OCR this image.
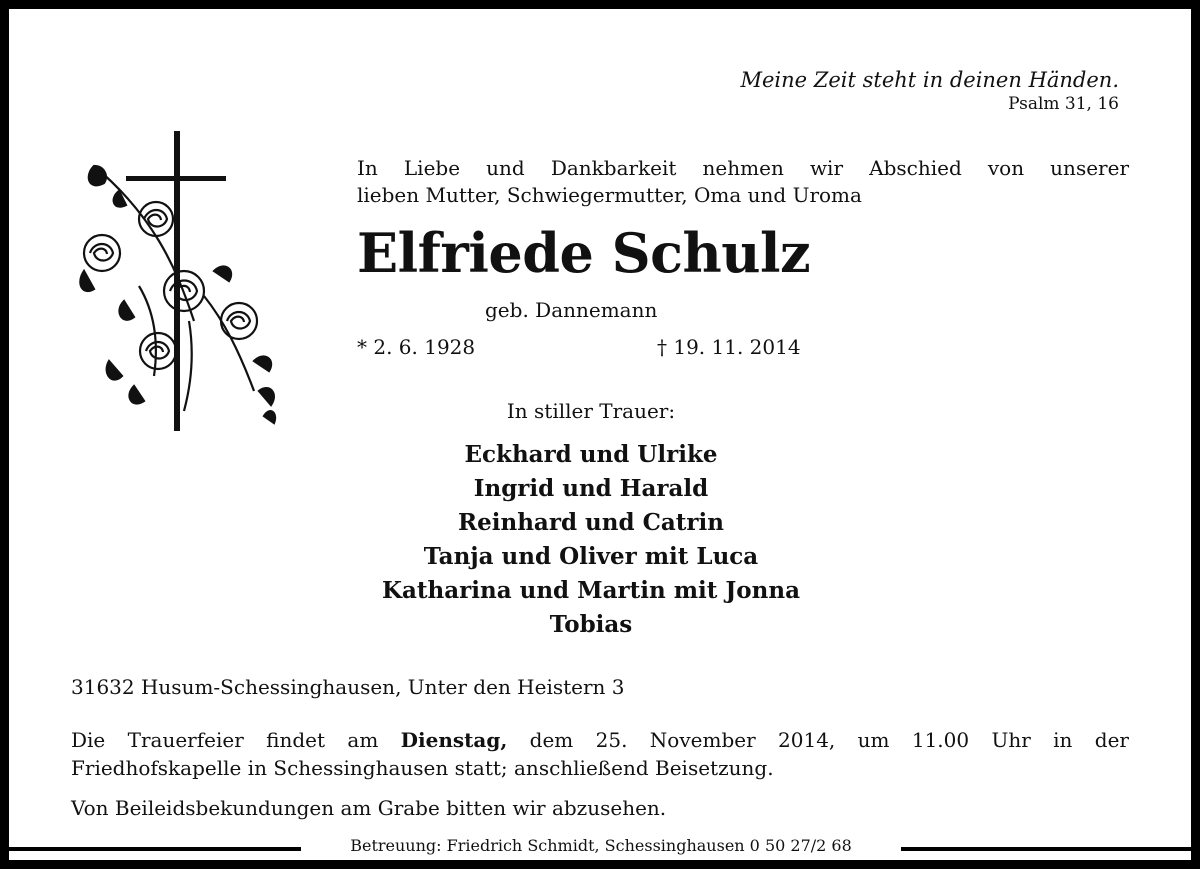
Meine Zeit steht in deinen Händen.
Psalm 31, 16
In Liebe und Dankbarkeit nehmen wir Abschied von unserer
lieben Mutter, Schwiegermutter, Oma und Uroma
Elfriede Schulz
geb. Dannemann
* 2. 6. 1928	† 19. 11. 2014
In stiller Trauer:
Eckhard und Ulrike
Ingrid und Harald
Reinhard und Catrin
Tanja und Oliver mit Luca
Katharina und Martin mit Jonna
Tobias
31632 Husum-Schessinghausen, Unter den Heistern 3
Die Trauerfeier findet am Dienstag, dem 25. November 2014, um 11.00 Uhr in der
Friedhofskapelle in Schessinghausen statt; anschließend Beisetzung.
Von Beileidsbekundungen am Grabe bitten wir abzusehen.
Betreuung: Friedrich Schmidt, Schessinghausen 0 50 27/2 68
